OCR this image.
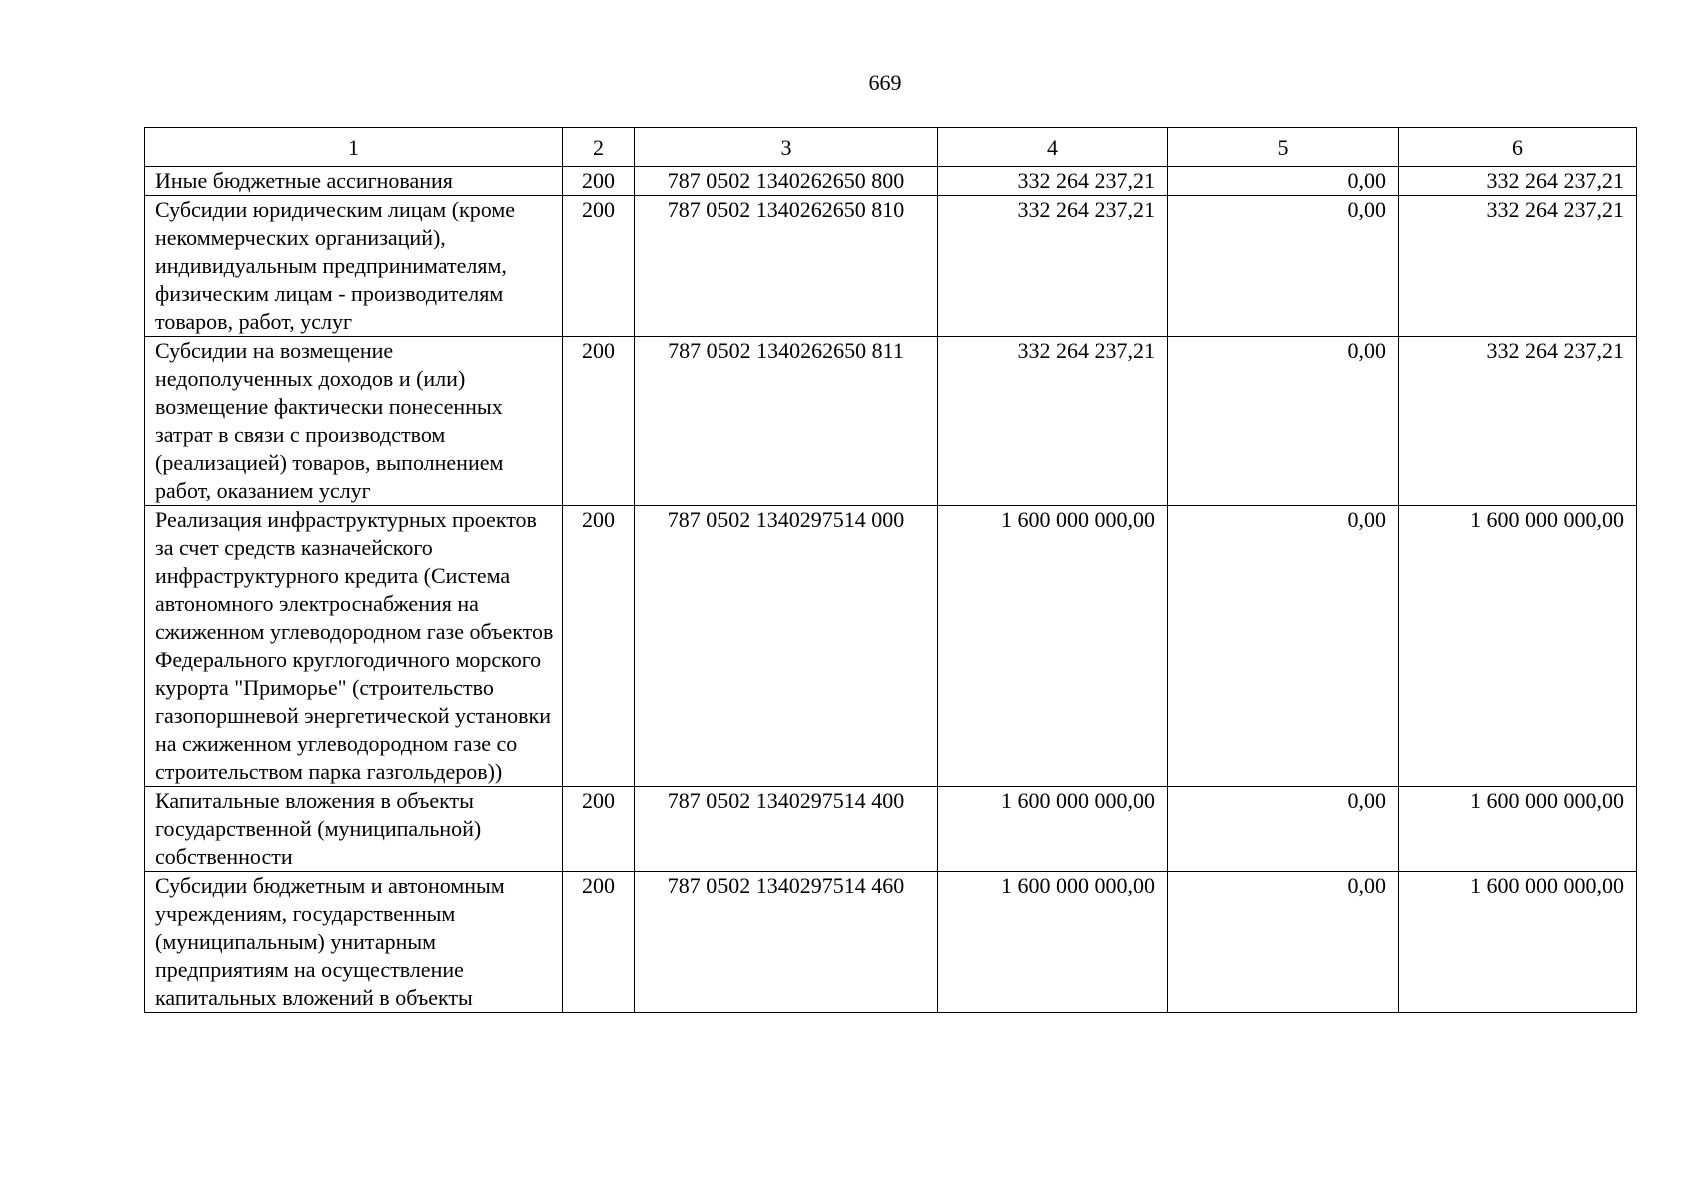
669
1	2	3	4	5	6
Иные бюджетные ассигнования	200	787 0502 1340262650 800	332 264 237,21	0,00	332 264 237,21
Субсидии юридическим лицам (кроме некоммерческих организаций), индивидуальным предпринимателям, физическим лицам - производителям товаров, работ, услуг	200	787 0502 1340262650 810	332 264 237,21	0,00	332 264 237,21
Субсидии на возмещение недополученных доходов и (или) возмещение фактически понесенных затрат в связи с производством (реализацией) товаров, выполнением работ, оказанием услуг	200	787 0502 1340262650 811	332 264 237,21	0,00	332 264 237,21
Реализация инфраструктурных проектов за счет средств казначейского инфраструктурного кредита (Система автономного электроснабжения на сжиженном углеводородном газе объектов Федерального круглогодичного морского курорта "Приморье" (строительство газопоршневой энергетической установки на сжиженном углеводородном газе со строительством парка газгольдеров))	200	787 0502 1340297514 000	1 600 000 000,00	0,00	1 600 000 000,00
Капитальные вложения в объекты государственной (муниципальной) собственности	200	787 0502 1340297514 400	1 600 000 000,00	0,00	1 600 000 000,00
Субсидии бюджетным и автономным учреждениям, государственным (муниципальным) унитарным предприятиям на осуществление капитальных вложений в объекты	200	787 0502 1340297514 460	1 600 000 000,00	0,00	1 600 000 000,00
